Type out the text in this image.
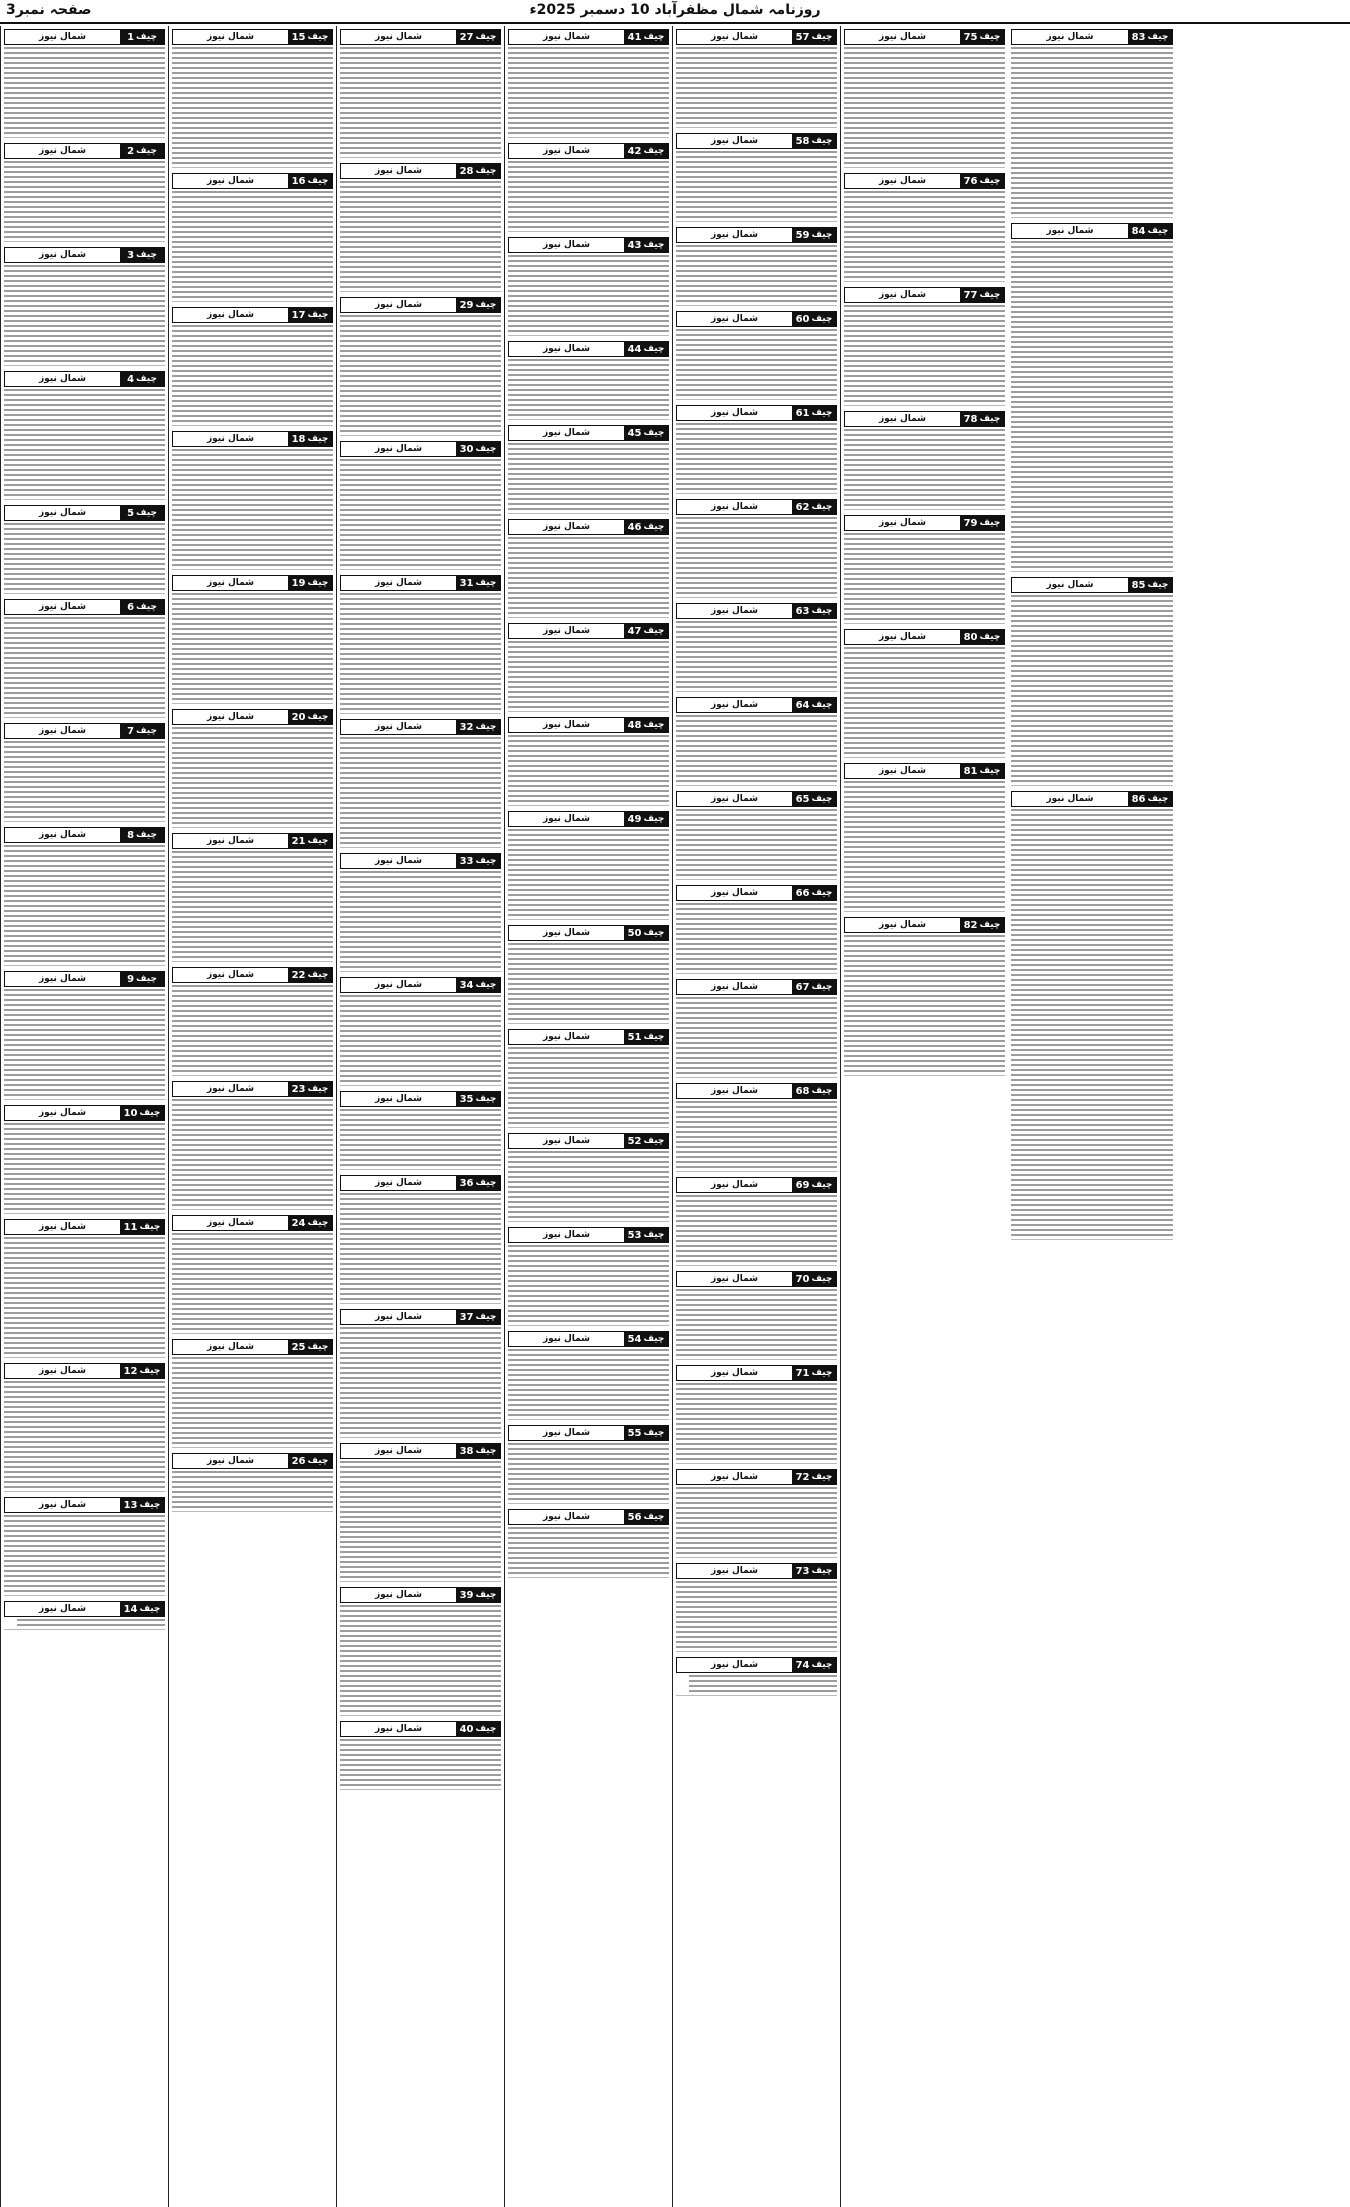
روزنامہ شمال مظفرآباد 10 دسمبر 2025ء
صفحہ نمبر3
چیف
1
شمال نیوز
چیف
2
شمال نیوز
چیف
3
شمال نیوز
چیف
4
شمال نیوز
چیف
5
شمال نیوز
چیف
6
شمال نیوز
چیف
7
شمال نیوز
چیف
8
شمال نیوز
چیف
9
شمال نیوز
چیف
10
شمال نیوز
چیف
11
شمال نیوز
چیف
12
شمال نیوز
چیف
13
شمال نیوز
چیف
14
شمال نیوز
چیف
15
شمال نیوز
چیف
16
شمال نیوز
چیف
17
شمال نیوز
چیف
18
شمال نیوز
چیف
19
شمال نیوز
چیف
20
شمال نیوز
چیف
21
شمال نیوز
چیف
22
شمال نیوز
چیف
23
شمال نیوز
چیف
24
شمال نیوز
چیف
25
شمال نیوز
چیف
26
شمال نیوز
چیف
27
شمال نیوز
چیف
28
شمال نیوز
چیف
29
شمال نیوز
چیف
30
شمال نیوز
چیف
31
شمال نیوز
چیف
32
شمال نیوز
چیف
33
شمال نیوز
چیف
34
شمال نیوز
چیف
35
شمال نیوز
چیف
36
شمال نیوز
چیف
37
شمال نیوز
چیف
38
شمال نیوز
چیف
39
شمال نیوز
چیف
40
شمال نیوز
چیف
41
شمال نیوز
چیف
42
شمال نیوز
چیف
43
شمال نیوز
چیف
44
شمال نیوز
چیف
45
شمال نیوز
چیف
46
شمال نیوز
چیف
47
شمال نیوز
چیف
48
شمال نیوز
چیف
49
شمال نیوز
چیف
50
شمال نیوز
چیف
51
شمال نیوز
چیف
52
شمال نیوز
چیف
53
شمال نیوز
چیف
54
شمال نیوز
چیف
55
شمال نیوز
چیف
56
شمال نیوز
چیف
57
شمال نیوز
چیف
58
شمال نیوز
چیف
59
شمال نیوز
چیف
60
شمال نیوز
چیف
61
شمال نیوز
چیف
62
شمال نیوز
چیف
63
شمال نیوز
چیف
64
شمال نیوز
چیف
65
شمال نیوز
چیف
66
شمال نیوز
چیف
67
شمال نیوز
چیف
68
شمال نیوز
چیف
69
شمال نیوز
چیف
70
شمال نیوز
چیف
71
شمال نیوز
چیف
72
شمال نیوز
چیف
73
شمال نیوز
چیف
74
شمال نیوز
چیف
75
شمال نیوز
چیف
76
شمال نیوز
چیف
77
شمال نیوز
چیف
78
شمال نیوز
چیف
79
شمال نیوز
چیف
80
شمال نیوز
چیف
81
شمال نیوز
چیف
82
شمال نیوز
چیف
83
شمال نیوز
چیف
84
شمال نیوز
چیف
85
شمال نیوز
چیف
86
شمال نیوز
